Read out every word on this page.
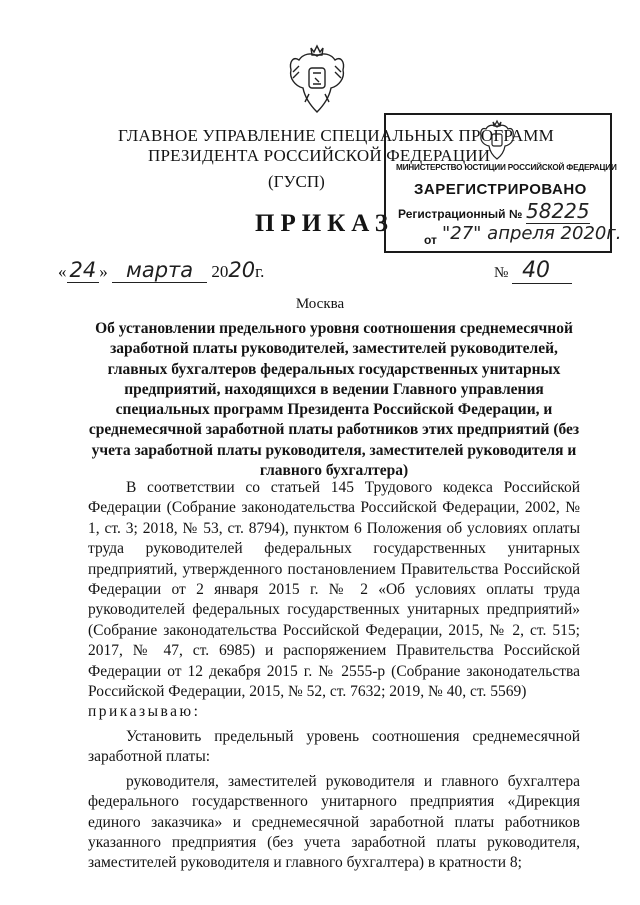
ГЛАВНОЕ УПРАВЛЕНИЕ СПЕЦИАЛЬНЫХ ПРОГРАММ
ПРЕЗИДЕНТА РОССИЙСКОЙ ФЕДЕРАЦИИ
(ГУСП)
ПРИКАЗ
МИНИСТЕРСТВО ЮСТИЦИИ РОССИЙСКОЙ ФЕДЕРАЦИИ
ЗАРЕГИСТРИРОВАНО
Регистрационный № 58225
от "27" апреля 2020г.
« 24 » марта 2020г.	№ 40
Москва
Об установлении предельного уровня соотношения среднемесячной заработной платы руководителей, заместителей руководителей, главных бухгалтеров федеральных государственных унитарных предприятий, находящихся в ведении Главного управления специальных программ Президента Российской Федерации, и среднемесячной заработной платы работников этих предприятий (без учета заработной платы руководителя, заместителей руководителя и главного бухгалтера)

В соответствии со статьей 145 Трудового кодекса Российской Федерации (Собрание законодательства Российской Федерации, 2002, № 1, ст. 3; 2018, № 53, ст. 8794), пунктом 6 Положения об условиях оплаты труда руководителей федеральных государственных унитарных предприятий, утвержденного постановлением Правительства Российской Федерации от 2 января 2015 г. № 2 «Об условиях оплаты труда руководителей федеральных государственных унитарных предприятий» (Собрание законодательства Российской Федерации, 2015, № 2, ст. 515; 2017, № 47, ст. 6985) и распоряжением Правительства Российской Федерации от 12 декабря 2015 г. № 2555-р (Собрание законодательства Российской Федерации, 2015, № 52, ст. 7632; 2019, № 40, ст. 5569)

приказываю:

Установить предельный уровень соотношения среднемесячной заработной платы:

руководителя, заместителей руководителя и главного бухгалтера федерального государственного унитарного предприятия «Дирекция единого заказчика» и среднемесячной заработной платы работников указанного предприятия (без учета заработной платы руководителя, заместителей руководителя и главного бухгалтера) в кратности 8;
